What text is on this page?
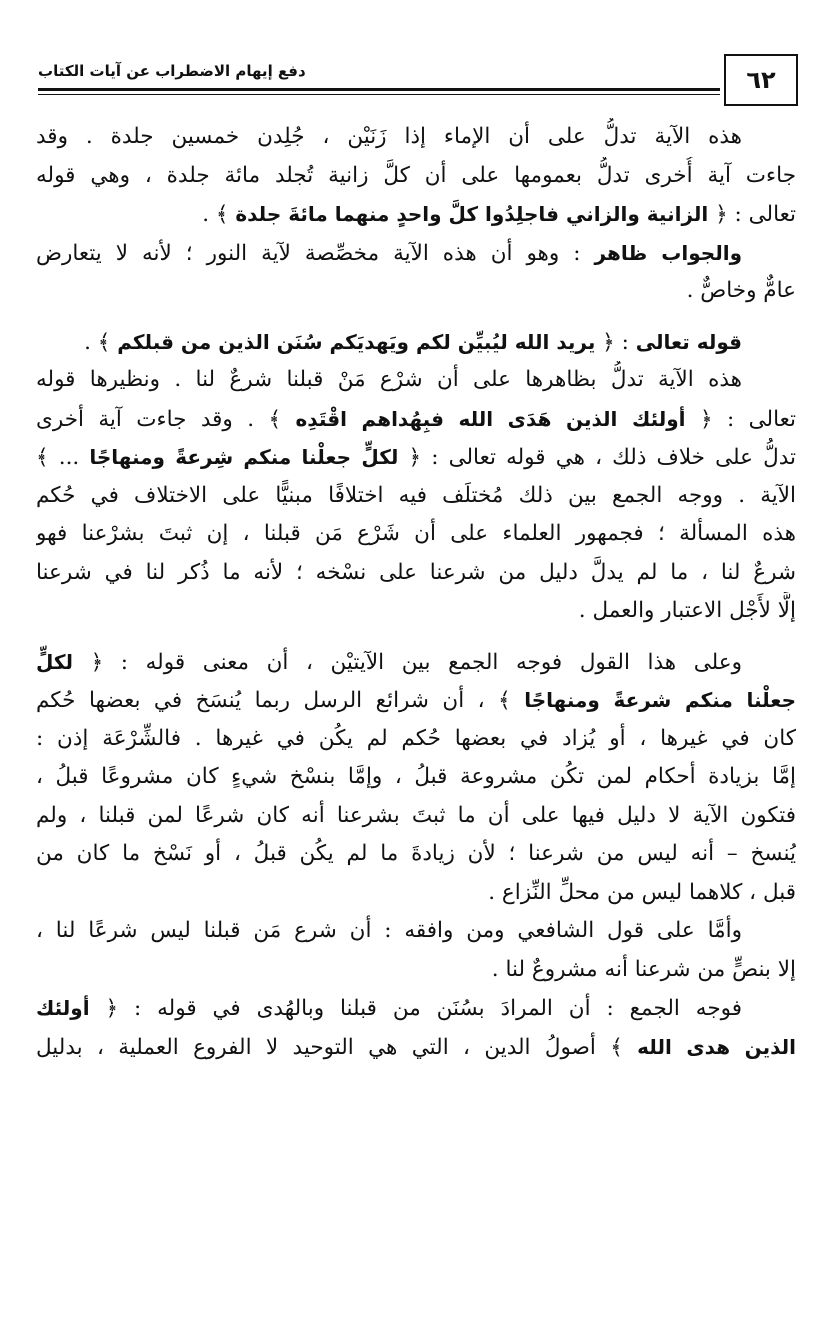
٦٢
دفع إيهام الاضطراب عن آيات الكتاب
هذه الآية تدلُّ على أن الإماء إذا زَنَيْن ، جُلِدن خمسين جلدة . وقد
جاءت آية أُخرى تدلُّ بعمومها على أن كلَّ زانية تُجلد مائة جلدة ، وهي قوله
تعالى : ﴿ الزانية والزاني فاجلِدُوا كلَّ واحدٍ منهما مائةَ جلدة ﴾ .
والجواب ظاهر : وهو أن هذه الآية مخصِّصة لآية النور ؛ لأنه لا يتعارض
عامٌّ وخاصٌّ .
قوله تعالى : ﴿ يريد الله ليُبيِّن لكم ويَهديَكم سُنَن الذين من قبلكم ﴾ .
هذه الآية تدلُّ بظاهرها على أن شرْع مَنْ قبلنا شرعٌ لنا . ونظيرها قوله
تعالى : ﴿ أولئك الذين هَدَى الله فبِهُداهم اقْتَدِه ﴾ . وقد جاءت آية أخرى
تدلُّ على خلاف ذلك ، هي قوله تعالى : ﴿ لكلٍّ جعلْنا منكم شِرعةً ومنهاجًا ... ﴾
الآية . ووجه الجمع بين ذلك مُختلَف فيه اختلافًا مبنيًّا على الاختلاف في حُكم
هذه المسألة ؛ فجمهور العلماء على أن شَرْع مَن قبلنا ، إن ثبتَ بشرْعنا فهو
شرعٌ لنا ، ما لم يدلَّ دليل من شرعنا على نسْخه ؛ لأنه ما ذُكر لنا في شرعنا
إلَّا لأَجْل الاعتبار والعمل .
وعلى هذا القول فوجه الجمع بين الآيتيْن ، أن معنى قوله : ﴿ لكلٍّ
جعلْنا منكم شرعةً ومنهاجًا ﴾ ، أن شرائع الرسل ربما يُنسَخ في بعضها حُكم
كان في غيرها ، أو يُزاد في بعضها حُكم لم يكُن في غيرها . فالشِّرْعَة إذن :
إمَّا بزيادة أحكام لمن تكُن مشروعة قبلُ ، وإمَّا بنسْخ شيءٍ كان مشروعًا قبلُ ،
فتكون الآية لا دليل فيها على أن ما ثبتَ بشرعنا أنه كان شرعًا لمن قبلنا ، ولم
يُنسخ – أنه ليس من شرعنا ؛ لأن زيادةَ ما لم يكُن قبلُ ، أو نَسْخ ما كان من
قبل ، كلاهما ليس من محلِّ النِّزاع .
وأمَّا على قول الشافعي ومن وافقه : أن شرع مَن قبلنا ليس شرعًا لنا ،
إلا بنصٍّ من شرعنا أنه مشروعٌ لنا .
فوجه الجمع : أن المرادَ بسُنَن من قبلنا وبالهُدى في قوله : ﴿ أولئك
الذين هدى الله ﴾ أصولُ الدين ، التي هي التوحيد لا الفروع العملية ، بدليل
